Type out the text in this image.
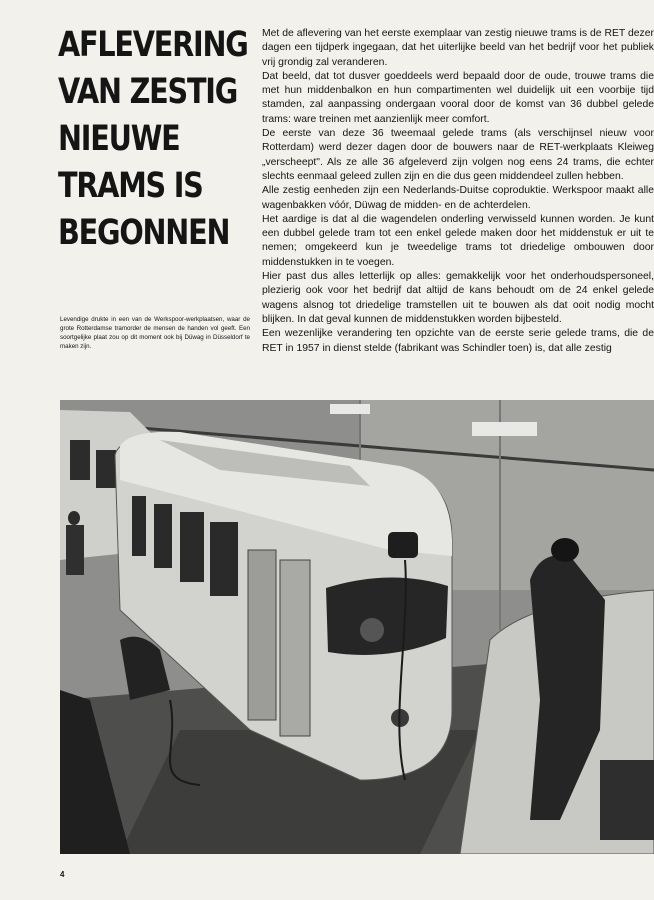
AFLEVERING
VAN ZESTIG
NIEUWE
TRAMS IS
BEGONNEN

Levendige drukte in een van de Werkspoor-werkplaatsen, waar de grote Rotterdamse tramorder de mensen de handen vol geeft. Een soortgelijke plaat zou op dit moment ook bij Düwag in Düsseldorf te maken zijn.

Met de aflevering van het eerste exemplaar van zestig nieuwe trams is de RET dezer dagen een tijdperk ingegaan, dat het uiterlijke beeld van het bedrijf voor het publiek vrij grondig zal veranderen.

Dat beeld, dat tot dusver goeddeels werd bepaald door de oude, trouwe trams die met hun middenbalkon en hun compartimenten wel duidelijk uit een voorbije tijd stamden, zal aanpassing ondergaan vooral door de komst van 36 dubbel gelede trams: ware treinen met aanzienlijk meer comfort.

De eerste van deze 36 tweemaal gelede trams (als verschijnsel nieuw voor Rotterdam) werd dezer dagen door de bouwers naar de RET-werkplaats Kleiweg „verscheept". Als ze alle 36 afgeleverd zijn volgen nog eens 24 trams, die echter slechts eenmaal geleed zullen zijn en die dus geen middendeel zullen hebben.

Alle zestig eenheden zijn een Nederlands-Duitse coproduktie. Werkspoor maakt alle wagenbakken vóór, Düwag de midden- en de achterdelen.

Het aardige is dat al die wagendelen onderling verwisseld kunnen worden. Je kunt een dubbel gelede tram tot een enkel gelede maken door het middenstuk er uit te nemen; omgekeerd kun je tweedelige trams tot driedelige ombouwen door middenstukken in te voegen.

Hier past dus alles letterlijk op alles: gemakkelijk voor het onderhoudspersoneel, plezierig ook voor het bedrijf dat altijd de kans behoudt om de 24 enkel gelede wagens alsnog tot driedelige tramstellen uit te bouwen als dat ooit nodig mocht blijken. In dat geval kunnen de middenstukken worden bijbesteld.

Een wezenlijke verandering ten opzichte van de eerste serie gelede trams, die de RET in 1957 in dienst stelde (fabrikant was Schindler toen) is, dat alle zestig

4
